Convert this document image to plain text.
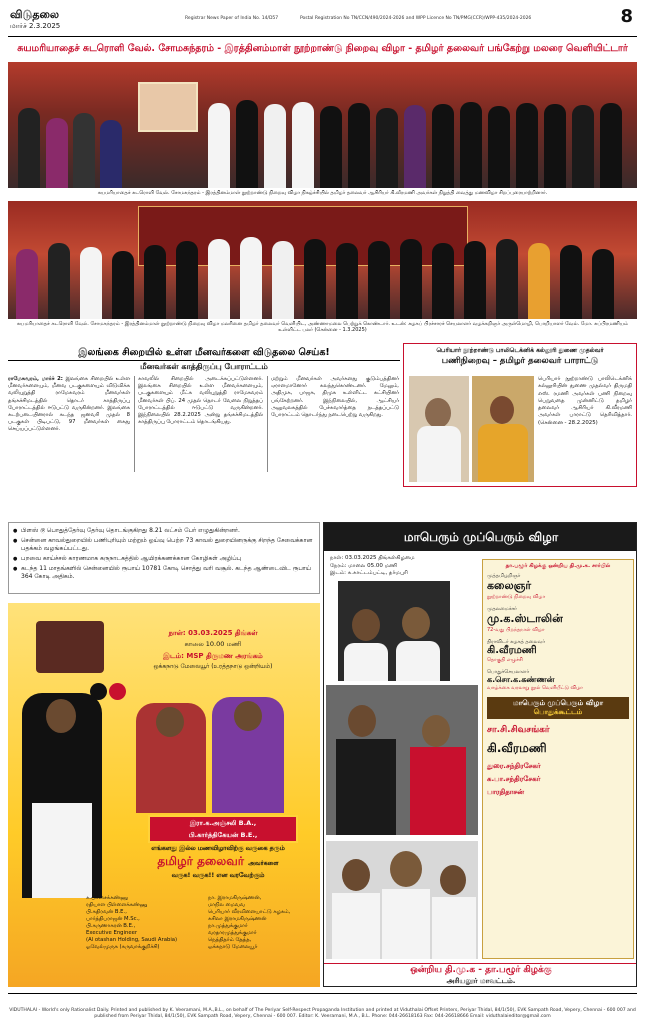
விடுதலை
மார்ச் 2.3.2025
Registrar News Paper of India No. 14/D57	Postal Registration No TN/CCN/490/2024-2026 and WPP Licence No TN/PMG(CCR)/WPP-435/2024-2026	8
சுயமரியாதைச் சுடரொளி வேல். சோமசுந்தரம் - இரத்தினம்மாள் நூற்றாண்டு நிறைவு விழா - தமிழர் தலைவர் பங்கேற்று மலரை வெளியிட்டார்
சுயமரியாதைச் சுடரொளி வேல். சோமசுந்தரம் - இரத்தினம்மாள் நூற்றாண்டு நிறைவு விழா நிகழ்ச்சியில் தமிழர் தலைவர் ஆசிரியர் கி.வீரமணி அவர்கள் நிறுத்தி வைத்து மணவிழா சிறப்புரையாற்றினார்.
சுயமரியாதைச் சுடரொளி வேல். சோமசுந்தரம் - இரத்தினம்மாள் நூற்றாண்டு நிறைவு விழா மலரினை தமிழர் தலைவர் வெளியிட, அண்ணாமலை பெற்றுக் கொண்டார். உடன்: கழகப் பிரச்சாரச் செயலாளர் வழக்கறிஞர் அருள்மொழி, பொறியாளர் வேல். மோ. சுப்பிரமணியம் உள்ளிட்ட பலர் (சென்னை - 1.3.2025)
இலங்கை சிறையில் உள்ள மீனவர்களை விடுதலை செய்க!
மீனவர்கள் காத்திருப்பு போராட்டம்
ராமேசுவரம், மார்ச் 2: இலங்கை சிறையில் உள்ள மீனவர்களையும், மீனவ படகுகளையும் விடுவிக்க வலியுறுத்தி ராமேசுவரம் மீனவர்கள் தங்கச்சிமடத்தில் தொடர் காத்திருப்பு போராட்டத்தில் ஈடுபட்டு வருகின்றனர். இலங்கை கடற்படையினரால் கடந்த ஜனவரி முதல் 8 படகுகள் பிடிபட்டு, 97 மீனவர்கள் கைது செய்யப்பட்டுள்ளனர்.
காவலில் சிறையில் அடைக்கப்பட்டுள்ளனர். இலங்கை சிறையில் உள்ள மீனவர்களையும், படகுகளையும் மீட்க வலியுறுத்தி ராமேசுவரம் மீனவர்கள் பிப். 24 முதல் தொடர் வேலை நிறுத்தப் போராட்டத்தில் ஈடுபட்டு வருகின்றனர். இந்நிலையில் 28.2.2025 அன்று தங்கச்சிமடத்தில் காத்திருப்பு போராட்டம் தொடங்கியது.
மற்றும் மீனவர்கள் அவர்களது குடும்பத்தினர் ஏராளமானோர் கலந்துகொண்டனர். மேலும், அதிமுக, பாஜக, திமுக உள்ளிட்ட கட்சியினர் பங்கேற்றனர். இந்நிலையில், ஆட்சியர் அலுவலகத்தில் பேச்சுவார்த்தை நடத்தப்பட்டு போராட்டம் தொடர்ந்து நடைபெற்று வருகிறது.
பெரியார் நூற்றாண்டு பாலிடெக்னிக் கல்லூரி துணை முதல்வர்
பணிநிறைவு – தமிழர் தலைவர் பாராட்டு
பெரியார் நூற்றாண்டு பாலிடெக்னிக் கல்லூரியின் துணை முதல்வர் திருமதி எஸ். ரமணி அவர்கள் பணி நிறைவு பெறுவதை முன்னிட்டு தமிழர் தலைவர் ஆசிரியர் கி.வீரமணி அவர்கள் பாராட்டு தெரிவித்தார். (சென்னை - 28.2.2025)
● பிளஸ் டூ பொதுத்தேர்வு தேர்வு தொடங்குகிறது 8.21 லட்சம் பேர் எழுதுகின்றனர்.
● சென்னை காவல்துறையில் பணிபுரியும் மற்றும் ஓய்வு பெற்ற 73 காவல் துறையினருக்கு சிறந்த சேவைக்கான பதக்கம் வழங்கப்பட்டது.
● பறவை காய்ச்சல் காரணமாக கருநாடகத்தில் ஆயிரக்கணக்கான கோழிகள் அழிப்பு
● கடந்த 11 மாதங்களில் சென்னையில் ரூபாய் 10781 கோடி சொத்து வரி வசூல். கடந்த ஆண்டைவிட ரூபாய் 364 கோடி அதிகம்.
நாள்: 03.03.2025 திங்கள்
காலை 10.00 மணி
இடம்: MSP திருமண அரங்கம்
ஒக்கநாடு மேலையூர் (உரத்தநாடு ஒன்றியம்)
இரா.க.அஞ்சலி B.A.,
பி.கார்த்திகேயன் B.E.,
எங்களது இல்ல மணவிழாவிற்கு வருகை தரும்
தமிழர் தலைவர் அவர்களை
வருக! வருக!! என வரவேற்கும்
க.பிச்சைக்கண்ணு
ரதியாள பிள்ளைக்கண்ணு
பி.கதிரவன் B.E.,
பார்த்திபராஜன் M.Sc.,
பி.கருணாகரன் B.E.,
Executive Engineer
(Al otashan Holding, Saudi Arabia)
ஓவேல்முருக (கருவாக்குறிச்சி)
நா. இராமகிருஷ்ணன்,
மாநில மைவவ
பெரியார் வீரவிளையாட்டு கழகம்,
சுசிலா இராமகிருஷ்ணன்
நா.முத்துக்குமார்
வரதாரமுத்துக்குமார்
நெத்திதர்ம் தேத்த,
ஒக்கநாடு மேலையூர்
மாபெரும் முப்பெரும் விழா
நாள்: 03.03.2025 திங்கள்கிழமை
நேரம்: மாலை 05.00 மணி
இடம்: க.காட்டம்பட்டி, தர்மபுரி
தா.பழூர் கிழக்கு ஒன்றிய தி.மு.க. சார்பில்
முத்தமிழறிஞர்
கலைஞர்
நூற்றாண்டு நிறைவு விழா
முதலமைச்சர்
மு.க.ஸ்டாலின்
72-வது பிறந்தநாள் விழா
திராவிடர் கழகத் தலைவர்
கி.வீரமணி
தொகுதி எழுச்சி
பொதுச்செயலாளர்
க.சொ.க.கண்ணன்
வாழ்க்கை வரலாறு நூல் வெளியீட்டு விழா
மாபெரும் முப்பெரும் விழா
பொதுக்கூட்டம்
சா.சி.சிவசங்கர்
கி.வீரமணி
துரை.சந்திரசேகர்
க.பா.சந்திரசேகர்
பாரதிதாசன்
ஒன்றிய தி.மு.க - தா.பழூர் கிழக்கு
அரியலூர் மாவட்டம்.
VIDUTHALAI - World's only Rationalist Daily. Printed and published by K. Veeramani, M.A.,B.L., on behalf of The Periyar Self-Respect Propaganda Institution and printed at Viduthalai Offset Printers, Periyar Thidal, 84/1(50), EVK Sampath Road, Vepery, Chennai - 600 007 and published from Periyar Thidal, 84/1(50), EVK Sampath Road, Vepery, Chennai - 600 007. Editor: K. Veeramani, M.A., B.L. Phone: 044-26618163 Fax: 044-26618666 Email: viduthalaieditor@gmail.com
